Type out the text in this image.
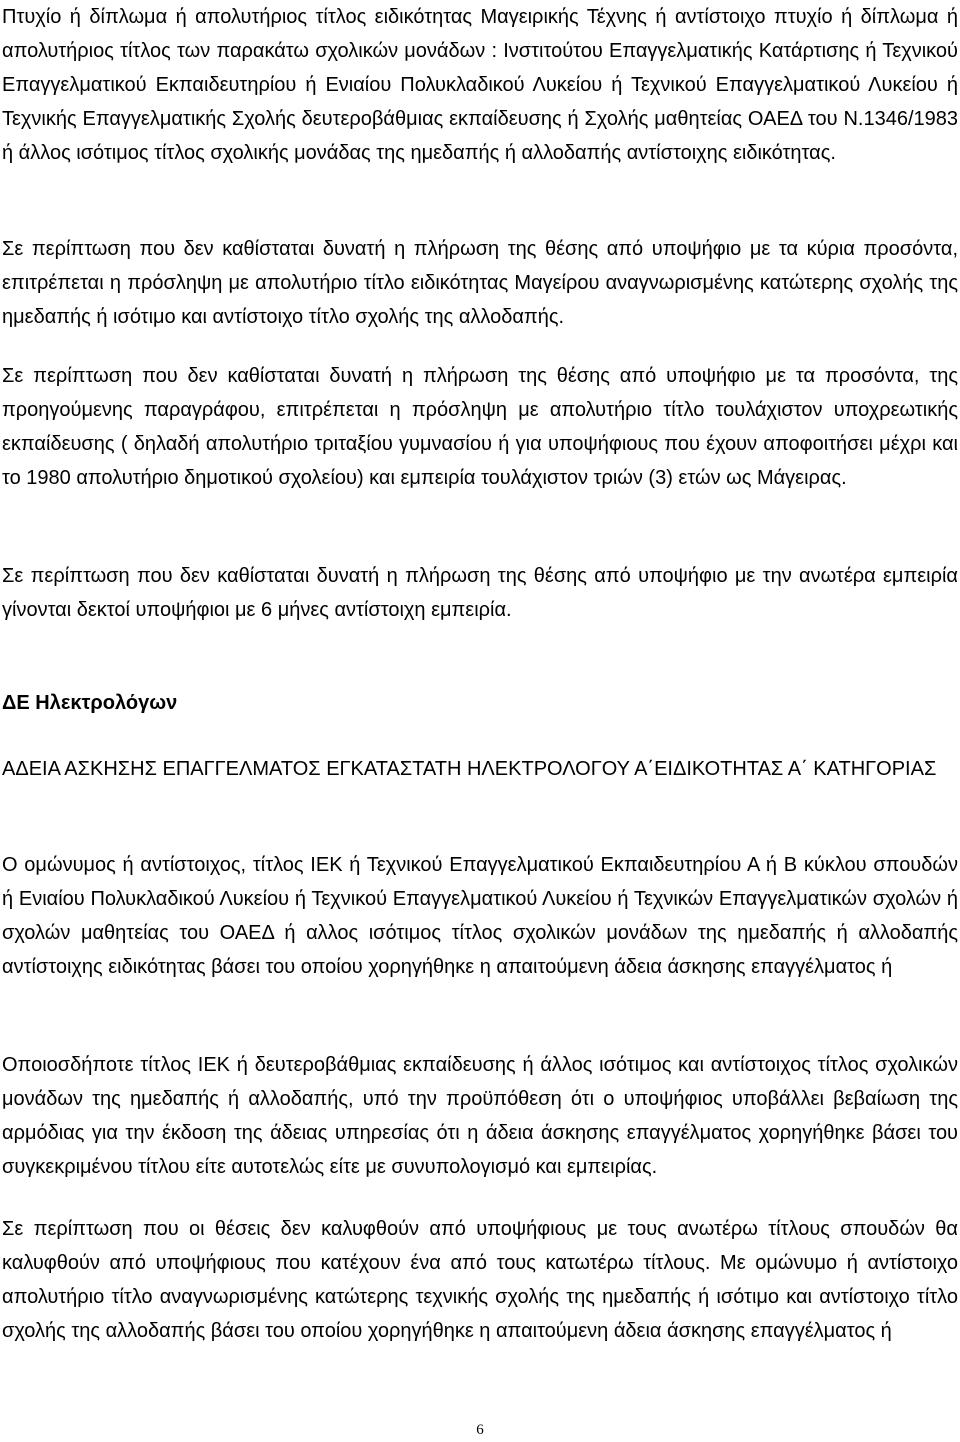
Πτυχίο ή δίπλωμα ή απολυτήριος τίτλος ειδικότητας Μαγειρικής Τέχνης ή αντίστοιχο πτυχίο ή δίπλωμα ή απολυτήριος τίτλος των παρακάτω σχολικών μονάδων : Ινστιτούτου Επαγγελματικής Κατάρτισης ή Τεχνικού Επαγγελματικού Εκπαιδευτηρίου ή Ενιαίου Πολυκλαδικού Λυκείου ή Τεχνικού Επαγγελματικού Λυκείου ή Τεχνικής Επαγγελματικής Σχολής δευτεροβάθμιας εκπαίδευσης ή Σχολής μαθητείας ΟΑΕΔ του Ν.1346/1983 ή άλλος ισότιμος τίτλος σχολικής μονάδας της ημεδαπής ή αλλοδαπής αντίστοιχης ειδικότητας.

Σε περίπτωση που δεν καθίσταται δυνατή η πλήρωση της θέσης από υποψήφιο με τα κύρια προσόντα, επιτρέπεται η πρόσληψη με απολυτήριο τίτλο ειδικότητας Μαγείρου αναγνωρισμένης κατώτερης σχολής της ημεδαπής ή ισότιμο και αντίστοιχο τίτλο σχολής της αλλοδαπής.

Σε περίπτωση που δεν καθίσταται δυνατή η πλήρωση της θέσης από υποψήφιο με τα προσόντα, της προηγούμενης παραγράφου, επιτρέπεται η πρόσληψη με απολυτήριο τίτλο τουλάχιστον υποχρεωτικής εκπαίδευσης ( δηλαδή απολυτήριο τριταξίου γυμνασίου ή για υποψήφιους που έχουν αποφοιτήσει μέχρι και το 1980 απολυτήριο δημοτικού σχολείου) και εμπειρία τουλάχιστον τριών (3) ετών ως Μάγειρας.

Σε περίπτωση που δεν καθίσταται δυνατή η πλήρωση της θέσης από υποψήφιο με την ανωτέρα εμπειρία γίνονται δεκτοί υποψήφιοι με 6 μήνες αντίστοιχη εμπειρία.

ΔΕ Ηλεκτρολόγων

ΑΔΕΙΑ ΑΣΚΗΣΗΣ ΕΠΑΓΓΕΛΜΑΤΟΣ ΕΓΚΑΤΑΣΤΑΤΗ ΗΛΕΚΤΡΟΛΟΓΟΥ Α΄ΕΙΔΙΚΟΤΗΤΑΣ Α΄ ΚΑΤΗΓΟΡΙΑΣ

Ο ομώνυμος ή αντίστοιχος, τίτλος ΙΕΚ ή Τεχνικού Επαγγελματικού Εκπαιδευτηρίου Α ή Β κύκλου σπουδών ή Ενιαίου Πολυκλαδικού Λυκείου ή Τεχνικού Επαγγελματικού Λυκείου ή Τεχνικών Επαγγελματικών σχολών ή σχολών μαθητείας του ΟΑΕΔ ή αλλος ισότιμος τίτλος σχολικών μονάδων της ημεδαπής ή αλλοδαπής αντίστοιχης ειδικότητας βάσει του οποίου χορηγήθηκε η απαιτούμενη άδεια άσκησης επαγγέλματος ή

Οποιοσδήποτε τίτλος ΙΕΚ ή δευτεροβάθμιας εκπαίδευσης ή άλλος ισότιμος και αντίστοιχος τίτλος σχολικών μονάδων της ημεδαπής ή αλλοδαπής, υπό την προϋπόθεση ότι ο υποψήφιος υποβάλλει βεβαίωση της αρμόδιας για την έκδοση της άδειας υπηρεσίας ότι η άδεια άσκησης επαγγέλματος χορηγήθηκε βάσει του συγκεκριμένου τίτλου είτε αυτοτελώς είτε με συνυπολογισμό και εμπειρίας.

Σε περίπτωση που οι θέσεις δεν καλυφθούν από υποψήφιους με τους ανωτέρω τίτλους σπουδών θα καλυφθούν από υποψήφιους που κατέχουν ένα από τους κατωτέρω τίτλους. Με ομώνυμο ή αντίστοιχο απολυτήριο τίτλο αναγνωρισμένης κατώτερης τεχνικής σχολής της ημεδαπής ή ισότιμο και αντίστοιχο τίτλο σχολής της αλλοδαπής βάσει του οποίου χορηγήθηκε η απαιτούμενη άδεια άσκησης επαγγέλματος ή

6
